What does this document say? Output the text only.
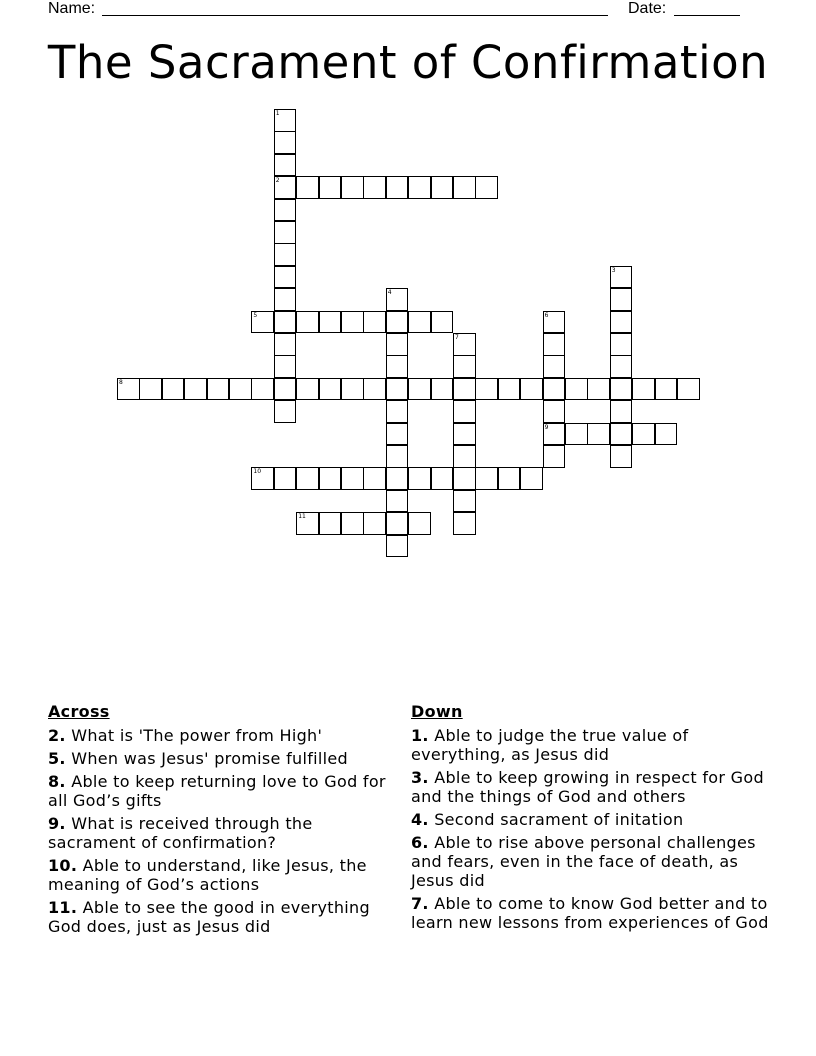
Name:	Date:
The Sacrament of Confirmation
1
2
3
4
5	6
9
7
8
10
11
Across
2. What is 'The power from High'
5. When was Jesus' promise fulfilled
8. Able to keep returning love to God for all God’s gifts
9. What is received through the sacrament of confirmation?
10. Able to understand, like Jesus, the meaning of God’s actions
11. Able to see the good in everything God does, just as Jesus did
Down
1. Able to judge the true value of everything, as Jesus did
3. Able to keep growing in respect for God and the things of God and others
4. Second sacrament of initation
6. Able to rise above personal challenges and fears, even in the face of death, as Jesus did
7. Able to come to know God better and to learn new lessons from experiences of God
